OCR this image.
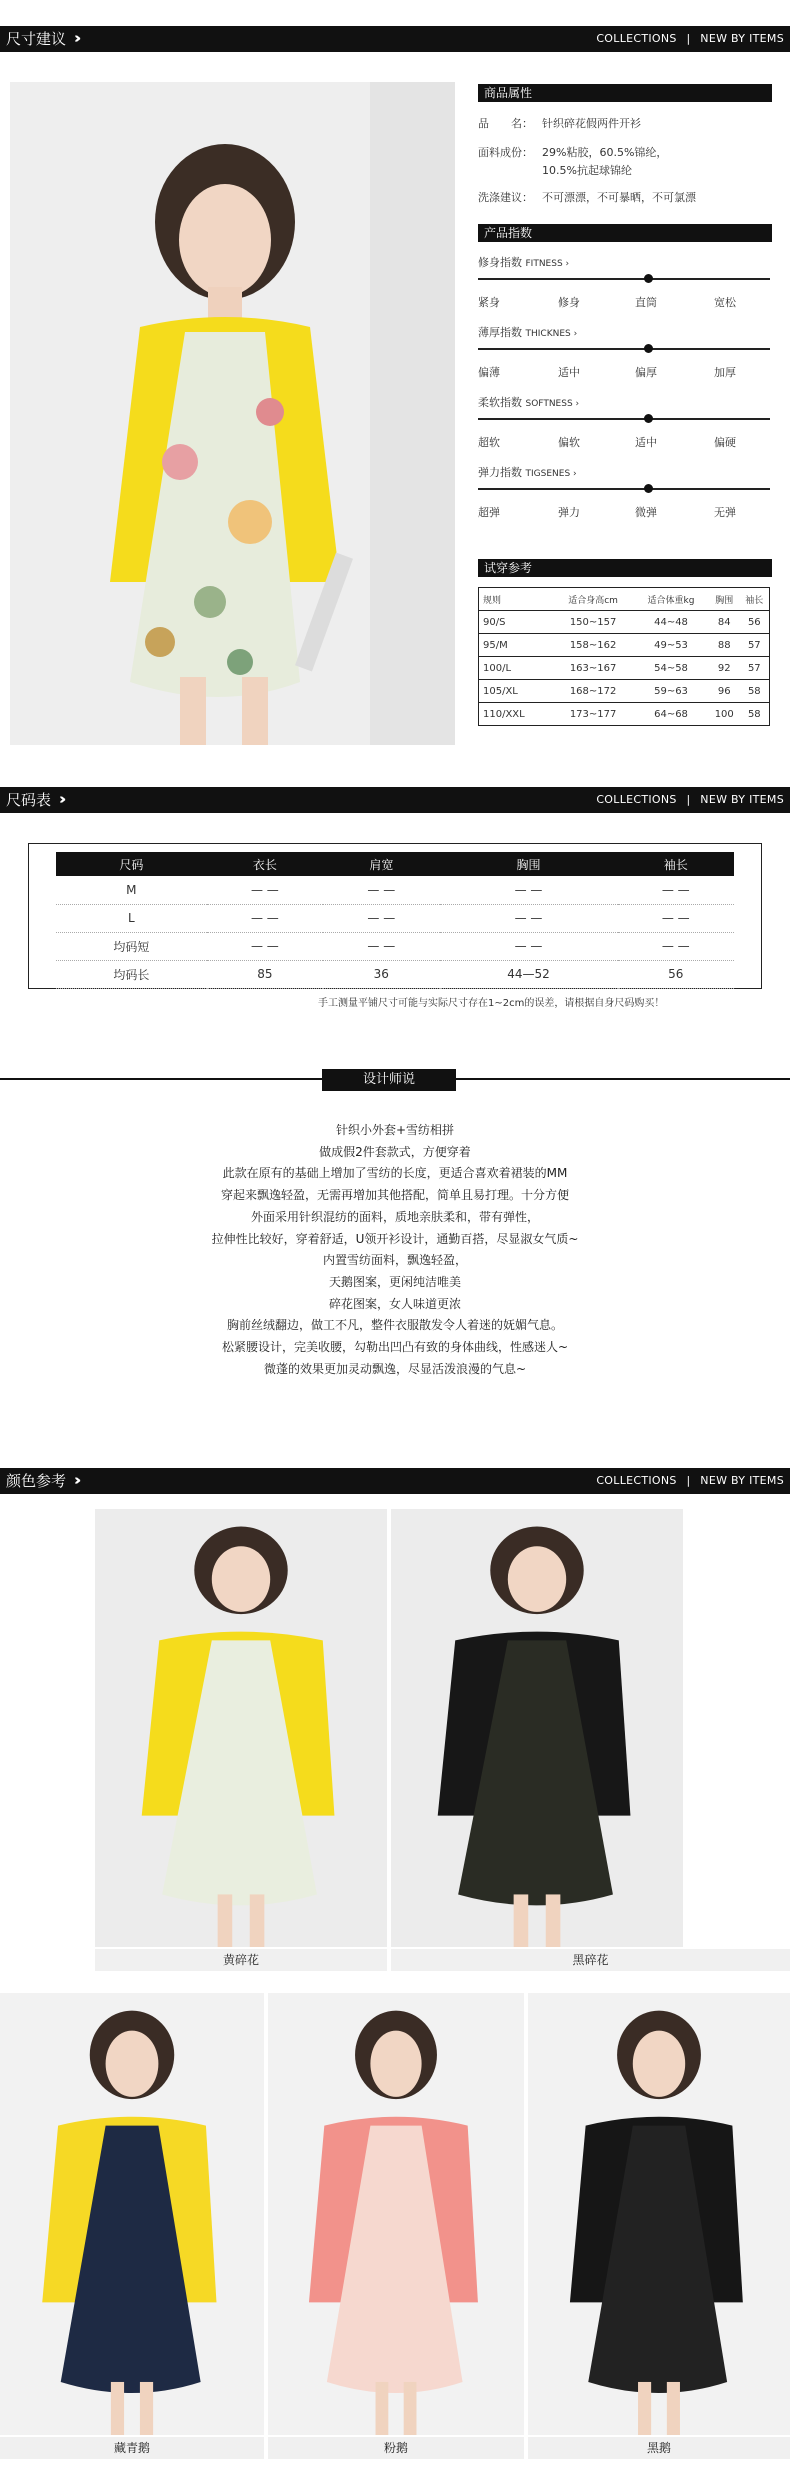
尺寸建议 ››	COLLECTIONS | NEW BY ITEMS
商品属性
品　　名： 针织碎花假两件开衫
面料成份： 29%粘胶，60.5%锦纶，
10.5%抗起球锦纶
洗涤建议： 不可漂漂，不可暴晒，不可氯漂
产品指数
修身指数 FITNESS ›
紧身	修身	直筒	宽松
薄厚指数 THICKNES ›
偏薄	适中	偏厚	加厚
柔软指数 SOFTNESS ›
超软	偏软	适中	偏硬
弹力指数 TIGSENES ›
超弹	弹力	微弹	无弹
试穿参考
规则	适合身高cm	适合体重kg	胸围	袖长
90/S	150~157	44~48	84	56
95/M	158~162	49~53	88	57
100/L	163~167	54~58	92	57
105/XL	168~172	59~63	96	58
110/XXL	173~177	64~68	100	58
尺码表 ››	COLLECTIONS | NEW BY ITEMS
尺码	衣长	肩宽	胸围	袖长
M	— —	— —	— —	— —
L	— —	— —	— —	— —
均码短	— —	— —	— —	— —
均码长	85	36	44—52	56
手工测量平铺尺寸可能与实际尺寸存在1~2cm的误差，请根据自身尺码购买！
设计师说
针织小外套+雪纺相拼
做成假2件套款式，方便穿着
此款在原有的基础上增加了雪纺的长度，更适合喜欢着裙装的MM
穿起来飘逸轻盈，无需再增加其他搭配，简单且易打理。十分方便
外面采用针织混纺的面料，质地亲肤柔和，带有弹性，
拉伸性比较好，穿着舒适，U领开衫设计，通勤百搭，尽显淑女气质~
内置雪纺面料，飘逸轻盈，
天鹅图案，更闲纯洁唯美
碎花图案，女人味道更浓
胸前丝绒翻边，做工不凡，整件衣服散发令人着迷的妩媚气息。
松紧腰设计，完美收腰，勾勒出凹凸有致的身体曲线，性感迷人~
微蓬的效果更加灵动飘逸，尽显活泼浪漫的气息~
颜色参考 ››	COLLECTIONS | NEW BY ITEMS
黄碎花	黑碎花
藏青鹅	粉鹅	黑鹅
